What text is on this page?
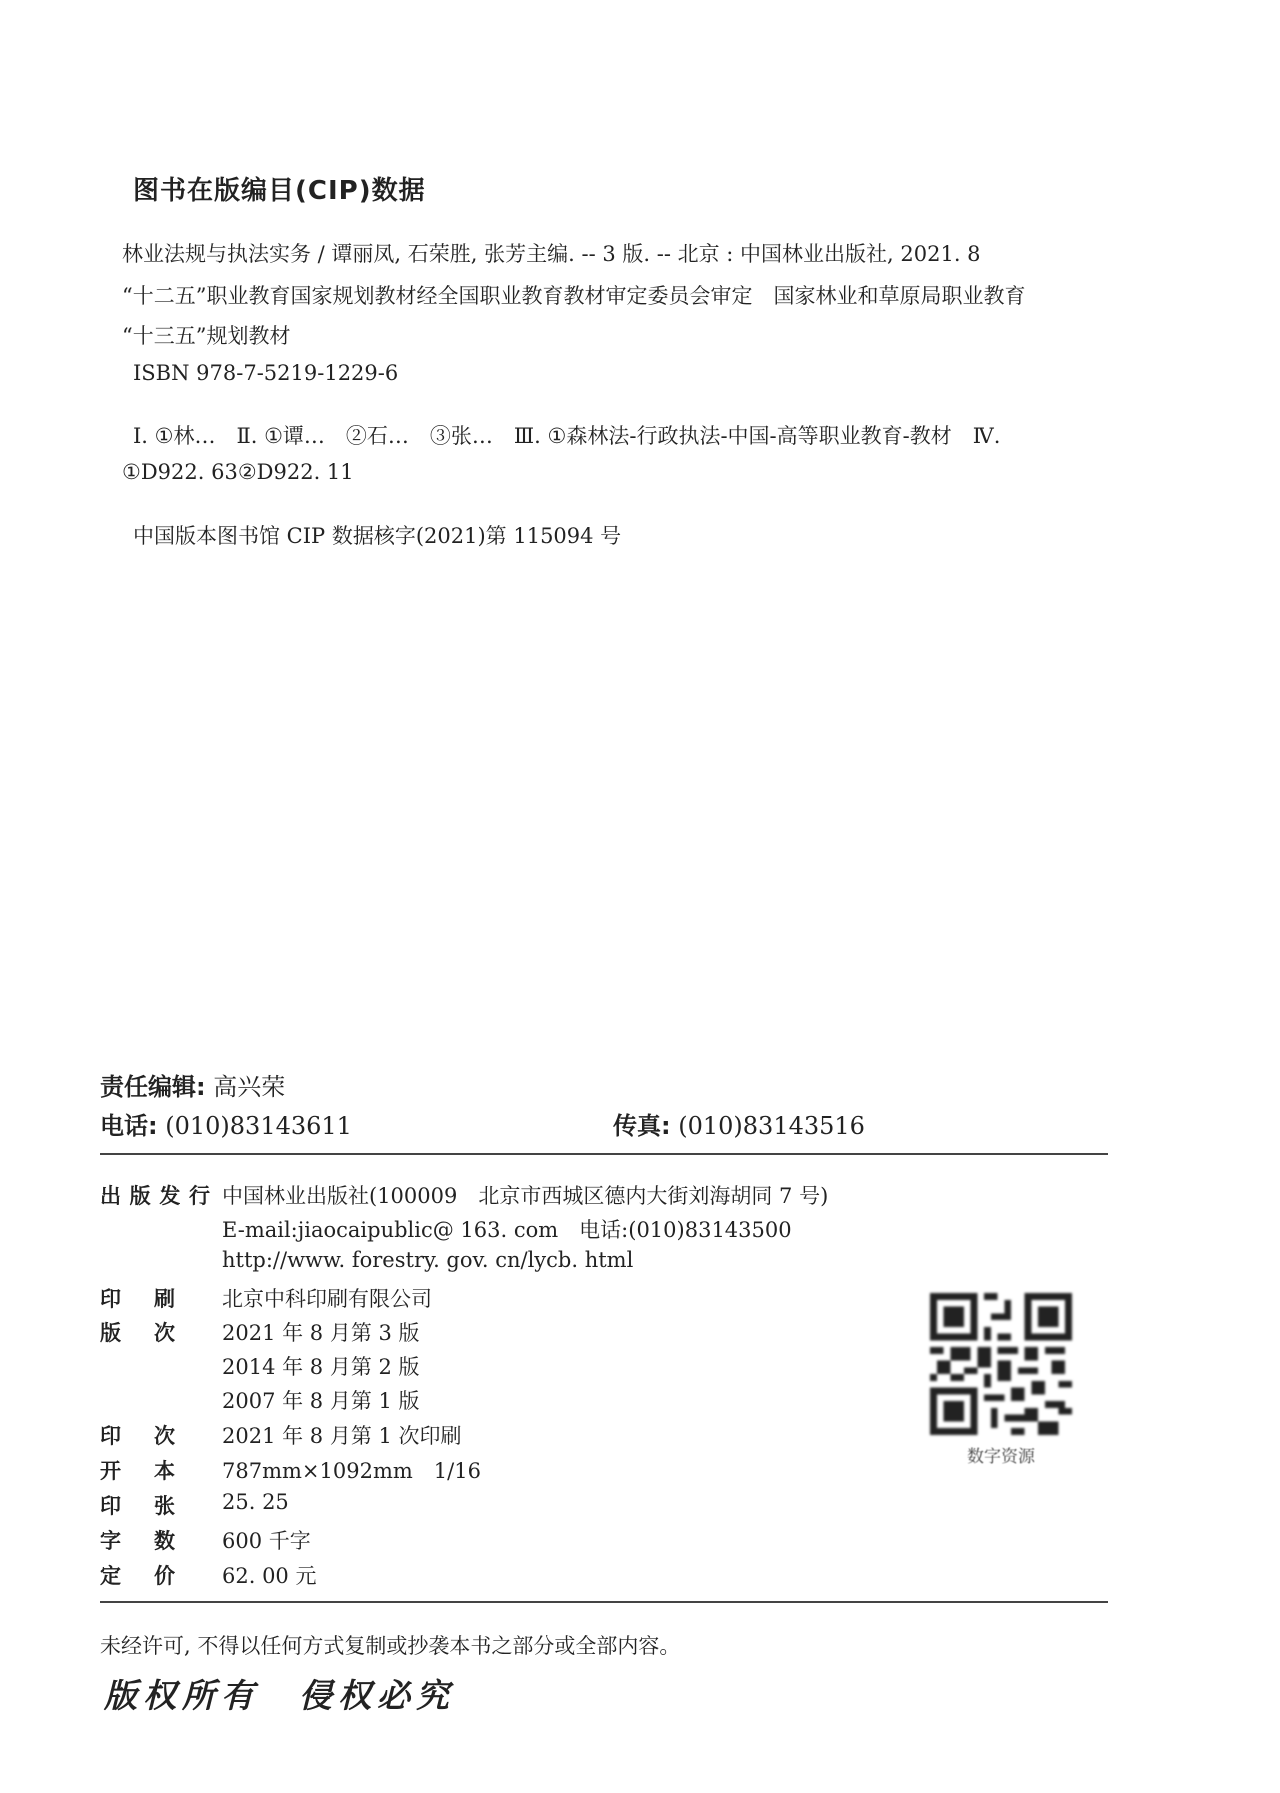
图书在版编目(CIP)数据
林业法规与执法实务 / 谭丽凤, 石荣胜, 张芳主编. -- 3 版. -- 北京 : 中国林业出版社, 2021. 8
“十二五”职业教育国家规划教材经全国职业教育教材审定委员会审定　国家林业和草原局职业教育
“十三五”规划教材
ISBN 978-7-5219-1229-6
Ⅰ. ①林…　Ⅱ. ①谭…　②石…　③张…　Ⅲ. ①森林法-行政执法-中国-高等职业教育-教材　Ⅳ.
①D922. 63②D922. 11
中国版本图书馆 CIP 数据核字(2021)第 115094 号
责任编辑: 高兴荣
电话: (010)83143611	传真: (010)83143516
出 版 发 行 中国林业出版社(100009　北京市西城区德内大街刘海胡同 7 号)
E-mail:jiaocaipublic@ 163. com　电话:(010)83143500
http://www. forestry. gov. cn/lycb. html
印 刷 北京中科印刷有限公司
版 次 2021 年 8 月第 3 版
2014 年 8 月第 2 版
2007 年 8 月第 1 版
印 次 2021 年 8 月第 1 次印刷
开 本 787mm×1092mm　1/16
印 张 25. 25
字 数 600 千字
定 价 62. 00 元
数字资源
未经许可, 不得以任何方式复制或抄袭本书之部分或全部内容。
版权所有　侵权必究
